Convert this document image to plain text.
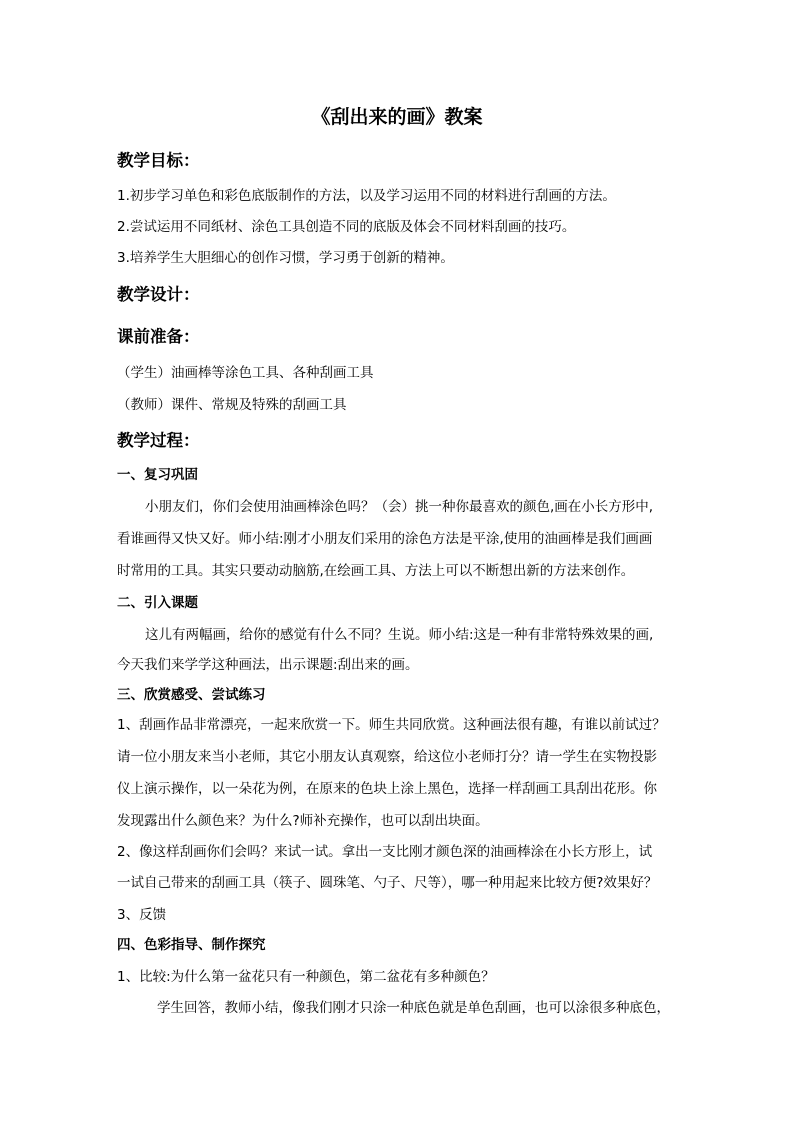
《刮出来的画》教案
教学目标：
1.初步学习单色和彩色底版制作的方法，以及学习运用不同的材料进行刮画的方法。
2.尝试运用不同纸材、涂色工具创造不同的底版及体会不同材料刮画的技巧。
3.培养学生大胆细心的创作习惯，学习勇于创新的精神。
教学设计：
课前准备：
（学生）油画棒等涂色工具、各种刮画工具
（教师）课件、常规及特殊的刮画工具
教学过程：
一、复习巩固
小朋友们，你们会使用油画棒涂色吗？（会）挑一种你最喜欢的颜色,画在小长方形中,
看谁画得又快又好。师小结:刚才小朋友们采用的涂色方法是平涂,使用的油画棒是我们画画
时常用的工具。其实只要动动脑筋,在绘画工具、方法上可以不断想出新的方法来创作。
二、引入课题
这儿有两幅画，给你的感觉有什么不同？生说。师小结:这是一种有非常特殊效果的画,
今天我们来学学这种画法，出示课题:刮出来的画。
三、欣赏感受、尝试练习
1、刮画作品非常漂亮，一起来欣赏一下。师生共同欣赏。这种画法很有趣，有谁以前试过？
请一位小朋友来当小老师，其它小朋友认真观察，给这位小老师打分？请一学生在实物投影
仪上演示操作，以一朵花为例，在原来的色块上涂上黑色，选择一样刮画工具刮出花形。你
发现露出什么颜色来？为什么?师补充操作，也可以刮出块面。
2、像这样刮画你们会吗？来试一试。拿出一支比刚才颜色深的油画棒涂在小长方形上，试
一试自己带来的刮画工具（筷子、圆珠笔、勺子、尺等），哪一种用起来比较方便?效果好？
3、反馈
四、色彩指导、制作探究
1、比较:为什么第一盆花只有一种颜色，第二盆花有多种颜色？
学生回答，教师小结，像我们刚才只涂一种底色就是单色刮画，也可以涂很多种底色，
